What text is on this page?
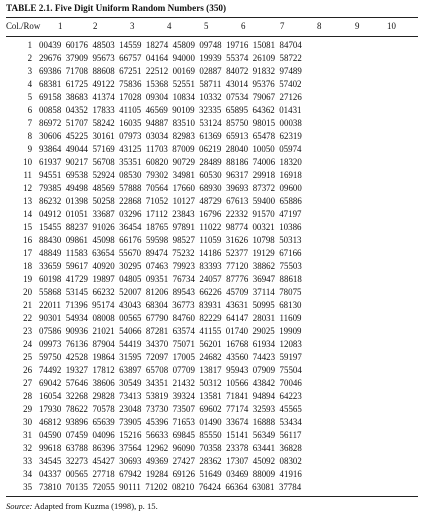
TABLE 2.1. Five Digit Uniform Random Numbers (350)
Col./Row 1	2	3	4	5	6	7	8	9	10
1 00439 60176 48503 14559 18274 45809 09748 19716 15081 84704
2 29676 37909 95673 66757 04164 94000 19939 55374 26109 58722
3 69386 71708 88608 67251 22512 00169 02887 84072 91832 97489
4 68381 61725 49122 75836 15368 52551 58711 43014 95376 57402
5 69158 38683 41374 17028 09304 10834 10332 07534 79067 27126
6 00858 04352 17833 41105 46569 90109 32335 65895 64362 01431
7 86972 51707 58242 16035 94887 83510 53124 85750 98015 00038
8 30606 45225 30161 07973 03034 82983 61369 65913 65478 62319
9 93864 49044 57169 43125 11703 87009 06219 28040 10050 05974
10 61937 90217 56708 35351 60820 90729 28489 88186 74006 18320
11 94551 69538 52924 08530 79302 34981 60530 96317 29918 16918
12 79385 49498 48569 57888 70564 17660 68930 39693 87372 09600
13 86232 01398 50258 22868 71052 10127 48729 67613 59400 65886
14 04912 01051 33687 03296 17112 23843 16796 22332 91570 47197
15 15455 88237 91026 36454 18765 97891 11022 98774 00321 10386
16 88430 09861 45098 66176 59598 98527 11059 31626 10798 50313
17 48849 11583 63654 55670 89474 75232 14186 52377 19129 67166
18 33659 59617 40920 30295 07463 79923 83393 77120 38862 75503
19 60198 41729 19897 04805 09351 76734 24057 87776 36947 88618
20 55868 53145 66232 52007 81206 89543 66226 45709 37114 78075
21 22011 71396 95174 43043 68304 36773 83931 43631 50995 68130
22 90301 54934 08008 00565 67790 84760 82229 64147 28031 11609
23 07586 90936 21021 54066 87281 63574 41155 01740 29025 19909
24 09973 76136 87904 54419 34370 75071 56201 16768 61934 12083
25 59750 42528 19864 31595 72097 17005 24682 43560 74423 59197
26 74492 19327 17812 63897 65708 07709 13817 95943 07909 75504
27 69042 57646 38606 30549 34351 21432 50312 10566 43842 70046
28 16054 32268 29828 73413 53819 39324 13581 71841 94894 64223
29 17930 78622 70578 23048 73730 73507 69602 77174 32593 45565
30 46812 93896 65639 73905 45396 71653 01490 33674 16888 53434
31 04590 07459 04096 15216 56633 69845 85550 15141 56349 56117
32 99618 63788 86396 37564 12962 96090 70358 23378 63441 36828
33 34545 32273 45427 30693 49369 27427 28362 17307 45092 08302
34 04337 00565 27718 67942 19284 69126 51649 03469 88009 41916
35 73810 70135 72055 90111 71202 08210 76424 66364 63081 37784
Source: Adapted from Kuzma (1998), p. 15.
